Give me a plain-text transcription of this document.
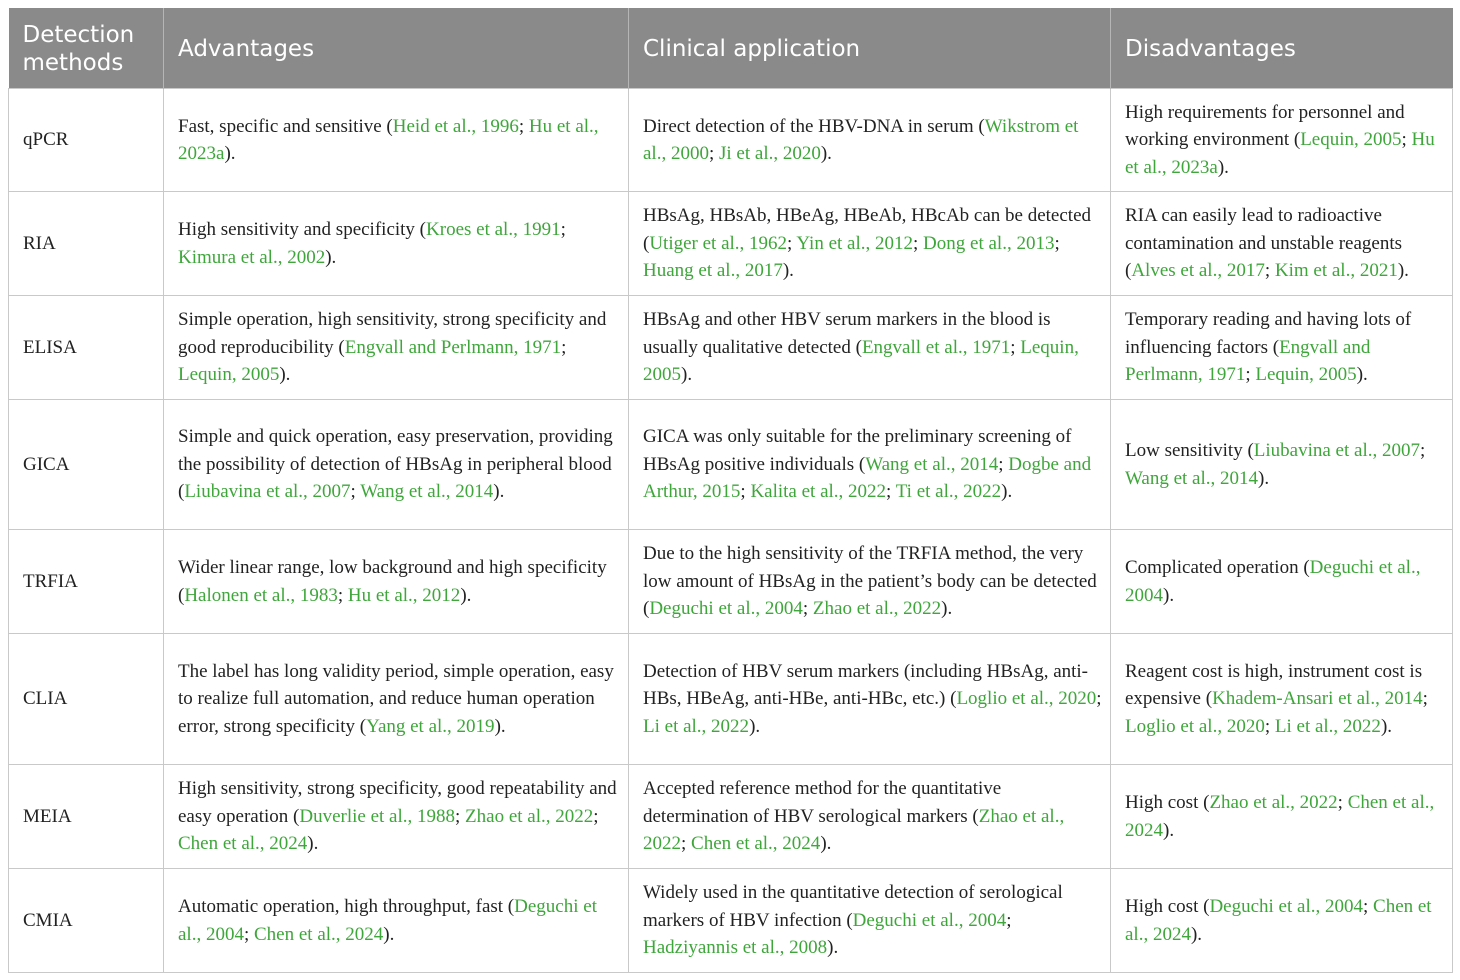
Detection methods	Advantages	Clinical application	Disadvantages
qPCR	Fast, specific and sensitive (Heid et al., 1996; Hu et al., 2023a).	Direct detection of the HBV-DNA in serum (Wikstrom et al., 2000; Ji et al., 2020).	High requirements for personnel and working environment (Lequin, 2005; Hu et al., 2023a).
RIA	High sensitivity and specificity (Kroes et al., 1991; Kimura et al., 2002).	HBsAg, HBsAb, HBeAg, HBeAb, HBcAb can be detected (Utiger et al., 1962; Yin et al., 2012; Dong et al., 2013; Huang et al., 2017).	RIA can easily lead to radioactive contamination and unstable reagents (Alves et al., 2017; Kim et al., 2021).
ELISA	Simple operation, high sensitivity, strong specificity and good reproducibility (Engvall and Perlmann, 1971; Lequin, 2005).	HBsAg and other HBV serum markers in the blood is usually qualitative detected (Engvall et al., 1971; Lequin, 2005).	Temporary reading and having lots of influencing factors (Engvall and Perlmann, 1971; Lequin, 2005).
GICA	Simple and quick operation, easy preservation, providing the possibility of detection of HBsAg in peripheral blood (Liubavina et al., 2007; Wang et al., 2014).	GICA was only suitable for the preliminary screening of HBsAg positive individuals (Wang et al., 2014; Dogbe and Arthur, 2015; Kalita et al., 2022; Ti et al., 2022).	Low sensitivity (Liubavina et al., 2007; Wang et al., 2014).
TRFIA	Wider linear range, low background and high specificity (Halonen et al., 1983; Hu et al., 2012).	Due to the high sensitivity of the TRFIA method, the very low amount of HBsAg in the patient’s body can be detected (Deguchi et al., 2004; Zhao et al., 2022).	Complicated operation (Deguchi et al., 2004).
CLIA	The label has long validity period, simple operation, easy to realize full automation, and reduce human operation error, strong specificity (Yang et al., 2019).	Detection of HBV serum markers (including HBsAg, anti-HBs, HBeAg, anti-HBe, anti-HBc, etc.) (Loglio et al., 2020; Li et al., 2022).	Reagent cost is high, instrument cost is expensive (Khadem-Ansari et al., 2014; Loglio et al., 2020; Li et al., 2022).
MEIA	High sensitivity, strong specificity, good repeatability and easy operation (Duverlie et al., 1988; Zhao et al., 2022; Chen et al., 2024).	Accepted reference method for the quantitative determination of HBV serological markers (Zhao et al., 2022; Chen et al., 2024).	High cost (Zhao et al., 2022; Chen et al., 2024).
CMIA	Automatic operation, high throughput, fast (Deguchi et al., 2004; Chen et al., 2024).	Widely used in the quantitative detection of serological markers of HBV infection (Deguchi et al., 2004; Hadziyannis et al., 2008).	High cost (Deguchi et al., 2004; Chen et al., 2024).
